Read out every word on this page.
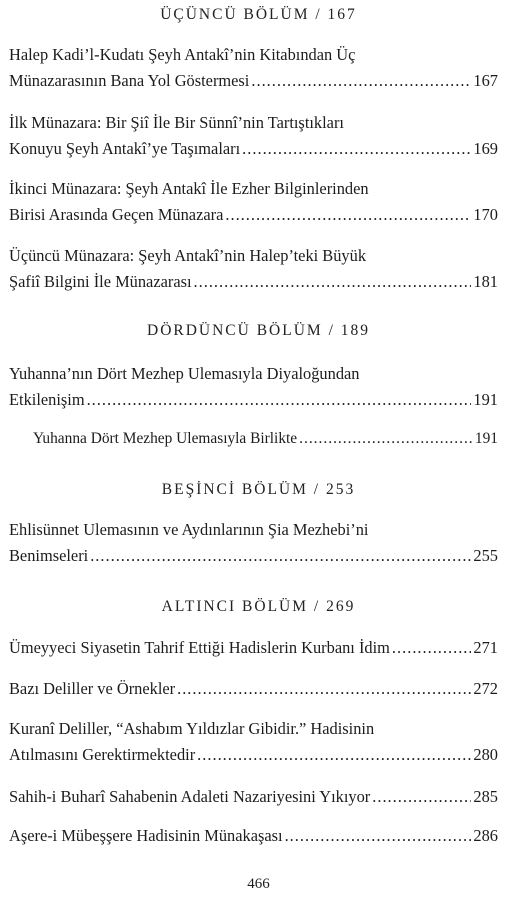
ÜÇÜNCÜ BÖLÜM / 167
Halep Kadi’l-Kudatı Şeyh Antakî’nin Kitabından Üç
Münazarasının Bana Yol Göstermesi .....	167
İlk Münazara: Bir Şiî İle Bir Sünnî’nin Tartıştıkları
Konuyu Şeyh Antakî’ye Taşımaları .....	169
İkinci Münazara: Şeyh Antakî İle Ezher Bilginlerinden
Birisi Arasında Geçen Münazara .....	170
Üçüncü Münazara: Şeyh Antakî’nin Halep’teki Büyük
Şafiî Bilgini İle Münazarası .....	181
DÖRDÜNCÜ BÖLÜM / 189
Yuhanna’nın Dört Mezhep Ulemasıyla Diyaloğundan
Etkilenişim .....	191
Yuhanna Dört Mezhep Ulemasıyla Birlikte .....	191
BEŞİNCİ BÖLÜM / 253
Ehlisünnet Ulemasının ve Aydınlarının Şia Mezhebi’ni
Benimseleri .....	255
ALTINCI BÖLÜM / 269
Ümeyyeci Siyasetin Tahrif Ettiği Hadislerin Kurbanı İdim .....	271
Bazı Deliller ve Örnekler .....	272
Kuranî Deliller, “Ashabım Yıldızlar Gibidir.” Hadisinin
Atılmasını Gerektirmektedir .....	280
Sahih-i Buharî Sahabenin Adaleti Nazariyesini Yıkıyor .....	285
Aşere-i Mübeşşere Hadisinin Münakaşası .....	286
466
